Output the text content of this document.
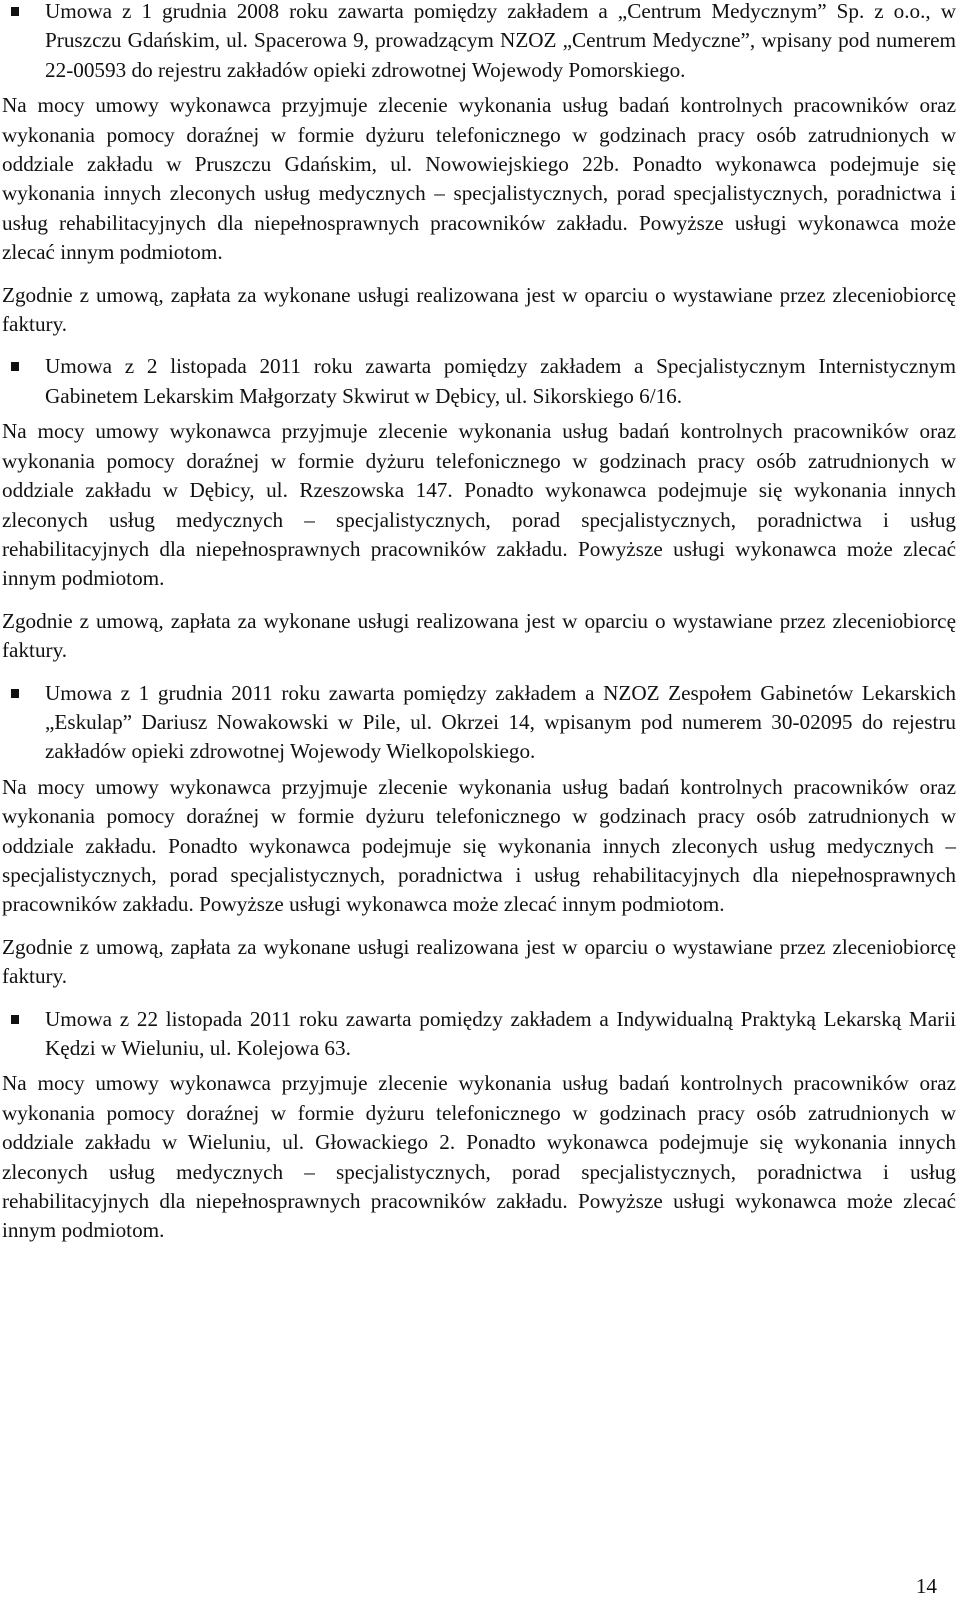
Umowa z 1 grudnia 2008 roku zawarta pomiędzy zakładem a „Centrum Medycznym” Sp. z o.o., w Pruszczu Gdańskim, ul. Spacerowa 9, prowadzącym NZOZ „Centrum Medyczne”, wpisany pod numerem 22-00593 do rejestru zakładów opieki zdrowotnej Wojewody Pomorskiego.

Na mocy umowy wykonawca przyjmuje zlecenie wykonania usług badań kontrolnych pracowników oraz wykonania pomocy doraźnej w formie dyżuru telefonicznego w godzinach pracy osób zatrudnionych w oddziale zakładu w Pruszczu Gdańskim, ul. Nowowiejskiego 22b. Ponadto wykonawca podejmuje się wykonania innych zleconych usług medycznych – specjalistycznych, porad specjalistycznych, poradnictwa i usług rehabilitacyjnych dla niepełnosprawnych pracowników zakładu. Powyższe usługi wykonawca może zlecać innym podmiotom.

Zgodnie z umową, zapłata za wykonane usługi realizowana jest w oparciu o wystawiane przez zleceniobiorcę faktury.

Umowa z 2 listopada 2011 roku zawarta pomiędzy zakładem a Specjalistycznym Internistycznym Gabinetem Lekarskim Małgorzaty Skwirut w Dębicy, ul. Sikorskiego 6/16.

Na mocy umowy wykonawca przyjmuje zlecenie wykonania usług badań kontrolnych pracowników oraz wykonania pomocy doraźnej w formie dyżuru telefonicznego w godzinach pracy osób zatrudnionych w oddziale zakładu w Dębicy, ul. Rzeszowska 147. Ponadto wykonawca podejmuje się wykonania innych zleconych usług medycznych – specjalistycznych, porad specjalistycznych, poradnictwa i usług rehabilitacyjnych dla niepełnosprawnych pracowników zakładu. Powyższe usługi wykonawca może zlecać innym podmiotom.

Zgodnie z umową, zapłata za wykonane usługi realizowana jest w oparciu o wystawiane przez zleceniobiorcę faktury.

Umowa z 1 grudnia 2011 roku zawarta pomiędzy zakładem a NZOZ Zespołem Gabinetów Lekarskich „Eskulap” Dariusz Nowakowski w Pile, ul. Okrzei 14, wpisanym pod numerem 30-02095 do rejestru zakładów opieki zdrowotnej Wojewody Wielkopolskiego.

Na mocy umowy wykonawca przyjmuje zlecenie wykonania usług badań kontrolnych pracowników oraz wykonania pomocy doraźnej w formie dyżuru telefonicznego w godzinach pracy osób zatrudnionych w oddziale zakładu. Ponadto wykonawca podejmuje się wykonania innych zleconych usług medycznych – specjalistycznych, porad specjalistycznych, poradnictwa i usług rehabilitacyjnych dla niepełnosprawnych pracowników zakładu. Powyższe usługi wykonawca może zlecać innym podmiotom.

Zgodnie z umową, zapłata za wykonane usługi realizowana jest w oparciu o wystawiane przez zleceniobiorcę faktury.

Umowa z 22 listopada 2011 roku zawarta pomiędzy zakładem a Indywidualną Praktyką Lekarską Marii Kędzi w Wieluniu, ul. Kolejowa 63.

Na mocy umowy wykonawca przyjmuje zlecenie wykonania usług badań kontrolnych pracowników oraz wykonania pomocy doraźnej w formie dyżuru telefonicznego w godzinach pracy osób zatrudnionych w oddziale zakładu w Wieluniu, ul. Głowackiego 2. Ponadto wykonawca podejmuje się wykonania innych zleconych usług medycznych – specjalistycznych, porad specjalistycznych, poradnictwa i usług rehabilitacyjnych dla niepełnosprawnych pracowników zakładu. Powyższe usługi wykonawca może zlecać innym podmiotom.

14
